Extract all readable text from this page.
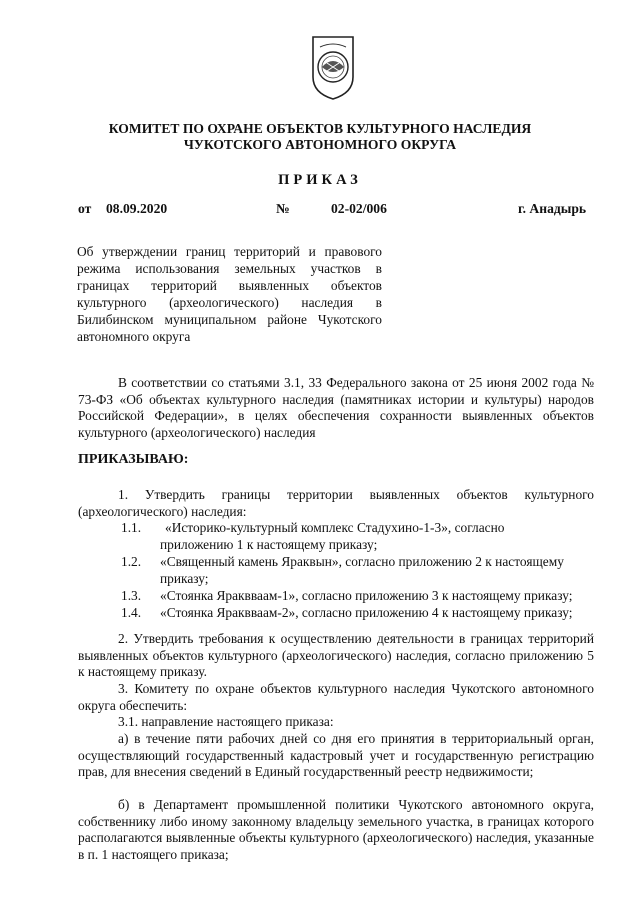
КОМИТЕТ ПО ОХРАНЕ ОБЪЕКТОВ КУЛЬТУРНОГО НАСЛЕДИЯ
ЧУКОТСКОГО АВТОНОМНОГО ОКРУГА
ПРИКАЗ
от 08.09.2020	№	02-02/006	г. Анадырь
Об утверждении границ территорий и правового режима использования земельных участков в границах территорий выявленных объектов культурного (археологического) наследия в Билибинском муниципальном районе Чукотского автономного округа
В соответствии со статьями 3.1, 33 Федерального закона от 25 июня 2002 года № 73-ФЗ «Об объектах культурного наследия (памятниках истории и культуры) народов Российской Федерации», в целях обеспечения сохранности выявленных объектов культурного (археологического) наследия
ПРИКАЗЫВАЮ:
1. Утвердить границы территории выявленных объектов культурного (археологического) наследия:
1.1. «Историко-культурный комплекс Стадухино-1-3», согласно
приложению 1 к настоящему приказу;
1.2. «Священный камень Яраквын», согласно приложению 2 к настоящему
приказу;
1.3. «Стоянка Яраквваам-1», согласно приложению 3 к настоящему приказу;
1.4. «Стоянка Яраквваам-2», согласно приложению 4 к настоящему приказу;
2. Утвердить требования к осуществлению деятельности в границах территорий выявленных объектов культурного (археологического) наследия, согласно приложению 5 к настоящему приказу.
3. Комитету по охране объектов культурного наследия Чукотского автономного округа обеспечить:
3.1. направление настоящего приказа:
а) в течение пяти рабочих дней со дня его принятия в территориальный орган, осуществляющий государственный кадастровый учет и государственную регистрацию прав, для внесения сведений в Единый государственный реестр недвижимости;
б) в Департамент промышленной политики Чукотского автономного округа, собственнику либо иному законному владельцу земельного участка, в границах которого располагаются выявленные объекты культурного (археологического) наследия, указанные в п. 1 настоящего приказа;
